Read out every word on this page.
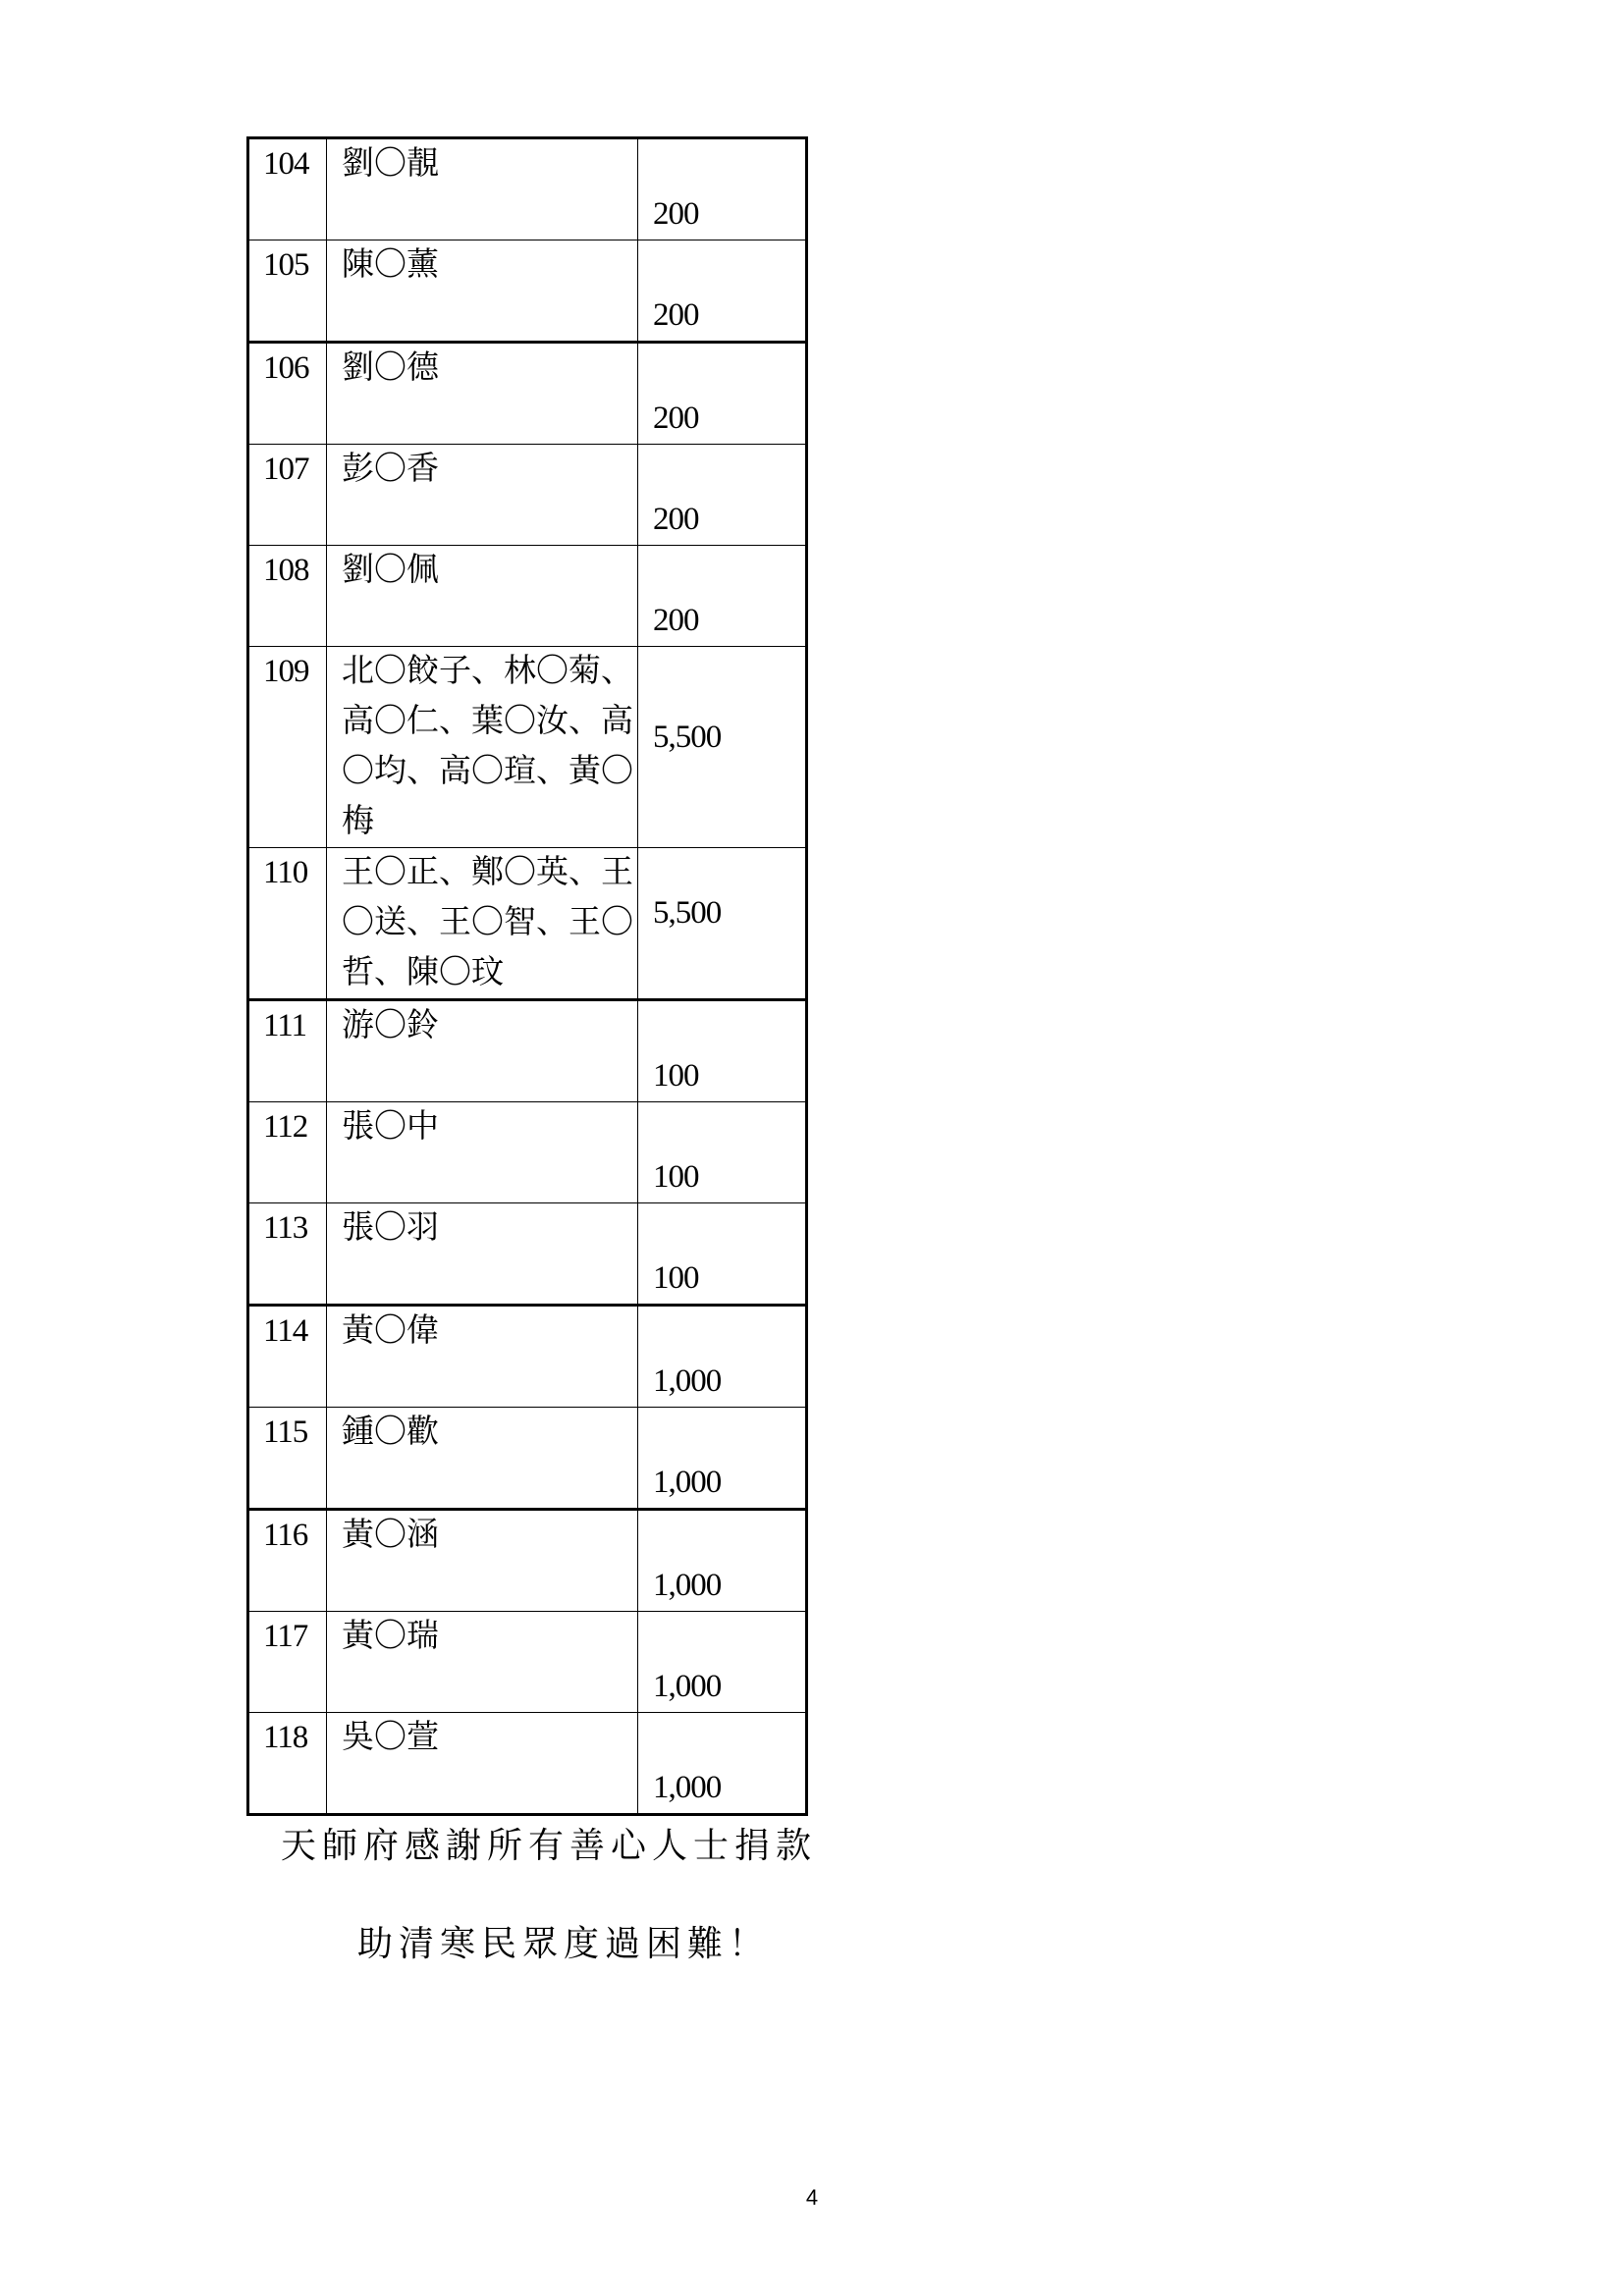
104	劉〇靚	200
105	陳〇薰	200
106	劉〇德	200
107	彭〇香	200
108	劉〇佩	200
109	北〇餃子、林〇菊、高〇仁、葉〇汝、高〇均、高〇瑄、黃〇梅	5,500
110	王〇正、鄭〇英、王〇送、王〇智、王〇哲、陳〇玟	5,500
111	游〇鈴	100
112	張〇中	100
113	張〇羽	100
114	黃〇偉	1,000
115	鍾〇歡	1,000
116	黃〇涵	1,000
117	黃〇瑞	1,000
118	吳〇萱	1,000
天師府感謝所有善心人士捐款
助清寒民眾度過困難！
4
